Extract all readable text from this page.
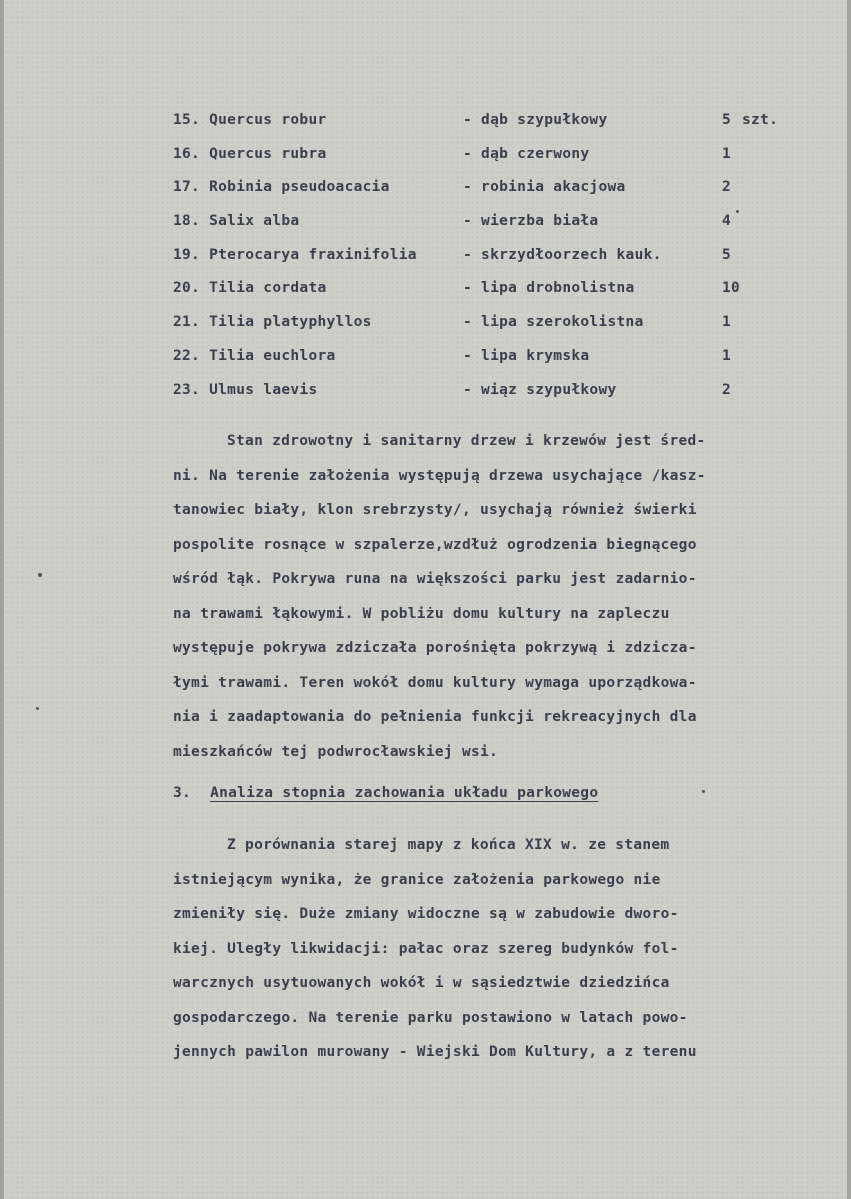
15. Quercus robur	- dąb szypułkowy	5 szt.
16. Quercus rubra	- dąb czerwony	1
17. Robinia pseudoacacia	- robinia akacjowa	2
18. Salix alba	- wierzba biała	4
19. Pterocarya fraxinifolia	- skrzydłoorzech kauk.	5
20. Tilia cordata	- lipa drobnolistna	10
21. Tilia platyphyllos	- lipa szerokolistna	1
22. Tilia euchlora	- lipa krymska	1
23. Ulmus laevis	- wiąz szypułkowy	2
Stan zdrowotny i sanitarny drzew i krzewów jest śred-
ni. Na terenie założenia występują drzewa usychające /kasz-
tanowiec biały, klon srebrzysty/, usychają również świerki
pospolite rosnące w szpalerze,wzdłuż ogrodzenia biegnącego
wśród łąk. Pokrywa runa na większości parku jest zadarnio-
na trawami łąkowymi. W pobliżu domu kultury na zapleczu
występuje pokrywa zdziczała porośnięta pokrzywą i zdzicza-
łymi trawami. Teren wokół domu kultury wymaga uporządkowa-
nia i zaadaptowania do pełnienia funkcji rekreacyjnych dla
mieszkańców tej podwrocławskiej wsi.
3. Analiza stopnia zachowania układu parkowego
Z porównania starej mapy z końca XIX w. ze stanem
istniejącym wynika, że granice założenia parkowego nie
zmieniły się. Duże zmiany widoczne są w zabudowie dworo-
kiej. Uległy likwidacji: pałac oraz szereg budynków fol-
warcznych usytuowanych wokół i w sąsiedztwie dziedzińca
gospodarczego. Na terenie parku postawiono w latach powo-
jennych pawilon murowany - Wiejski Dom Kultury, a z terenu
